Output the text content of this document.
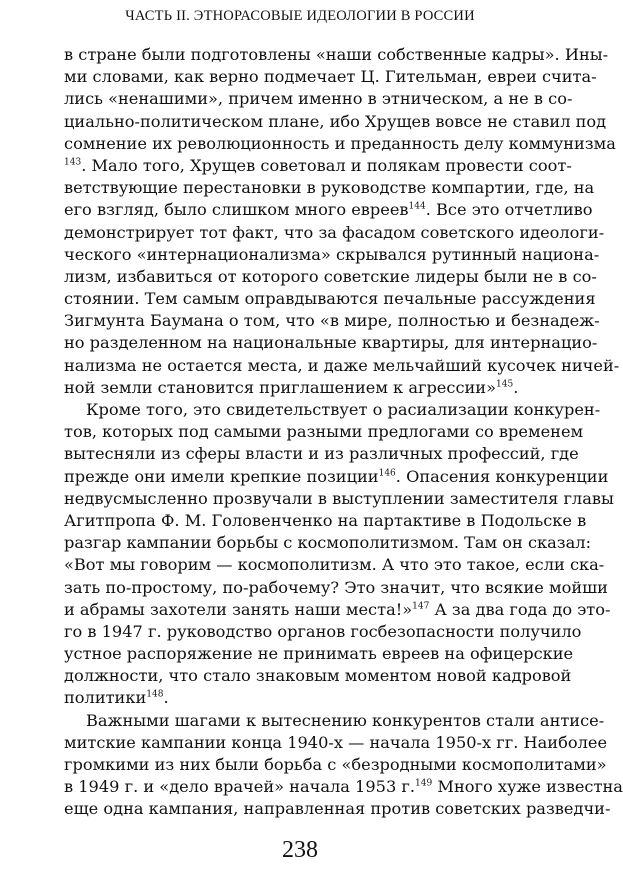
ЧАСТЬ II. ЭТНОРАСОВЫЕ ИДЕОЛОГИИ В РОССИИ
в стране были подготовлены «наши собственные кадры». Ины-
ми словами, как верно подмечает Ц. Гительман, евреи счита-
лись «ненашими», причем именно в этническом, а не в со-
циально-политическом плане, ибо Хрущев вовсе не ставил под
сомнение их революционность и преданность делу коммунизма
$^{143}$. Мало того, Хрущев советовал и полякам провести соот-
ветствующие перестановки в руководстве компартии, где, на
его взгляд, было слишком много евреев$^{144}$. Все это отчетливо
демонстрирует тот факт, что за фасадом советского идеологи-
ческого «интернационализма» скрывался рутинный национа-
лизм, избавиться от которого советские лидеры были не в со-
стоянии. Тем самым оправдываются печальные рассуждения
Зигмунта Баумана о том, что «в мире, полностью и безнадеж-
но разделенном на национальные квартиры, для интернацио-
нализма не остается места, и даже мельчайший кусочек ничей-
ной земли становится приглашением к агрессии»$^{145}$.
Кроме того, это свидетельствует о расиализации конкурен-
тов, которых под самыми разными предлогами со временем
вытесняли из сферы власти и из различных профессий, где
прежде они имели крепкие позиции$^{146}$. Опасения конкуренции
недвусмысленно прозвучали в выступлении заместителя главы
Агитпропа Ф. М. Головенченко на партактиве в Подольске в
разгар кампании борьбы с космополитизмом. Там он сказал:
«Вот мы говорим — космополитизм. А что это такое, если ска-
зать по-простому, по-рабочему? Это значит, что всякие мойши
и абрамы захотели занять наши места!»$^{147}$ А за два года до это-
го в 1947 г. руководство органов госбезопасности получило
устное распоряжение не принимать евреев на офицерские
должности, что стало знаковым моментом новой кадровой
политики$^{148}$.
Важными шагами к вытеснению конкурентов стали антисе-
митские кампании конца 1940-х — начала 1950-х гг. Наиболее
громкими из них были борьба с «безродными космополитами»
в 1949 г. и «дело врачей» начала 1953 г.$^{149}$ Много хуже известна
еще одна кампания, направленная против советских разведчи-
238
